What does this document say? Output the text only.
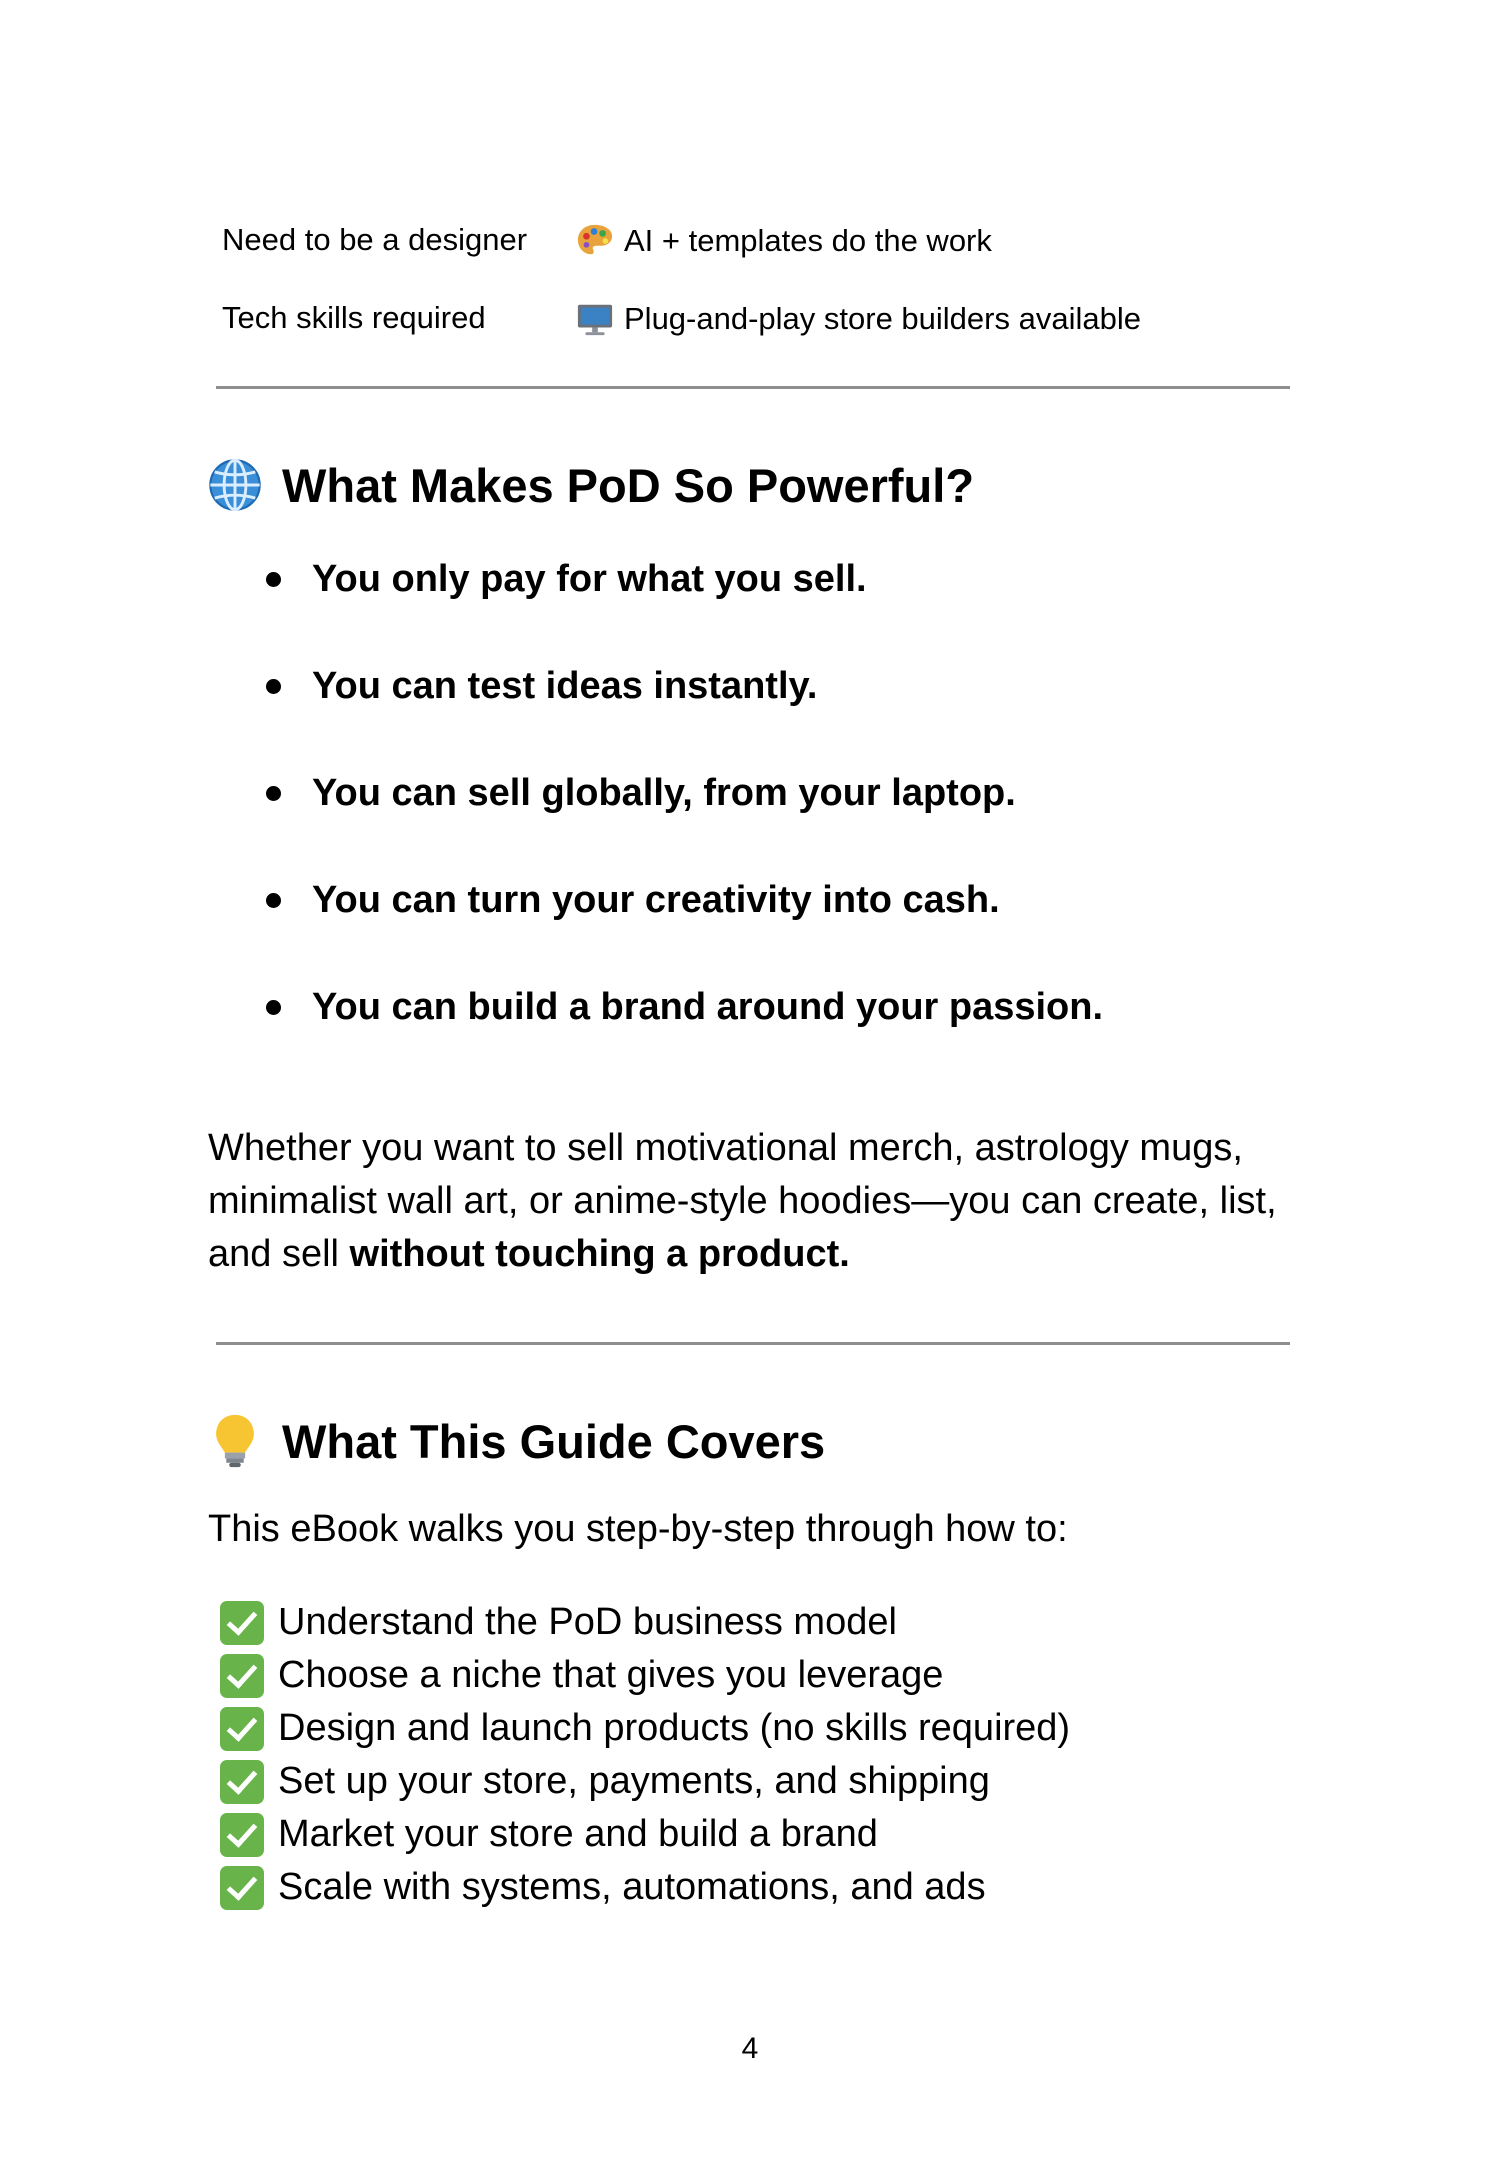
Need to be a designer	AI + templates do the work
Tech skills required	Plug-and-play store builders available
What Makes PoD So Powerful?
You only pay for what you sell.
You can test ideas instantly.
You can sell globally, from your laptop.
You can turn your creativity into cash.
You can build a brand around your passion.

Whether you want to sell motivational merch, astrology mugs, minimalist wall art, or anime-style hoodies—you can create, list, and sell without touching a product.

What This Guide Covers
This eBook walks you step-by-step through how to:
Understand the PoD business model
Choose a niche that gives you leverage
Design and launch products (no skills required)
Set up your store, payments, and shipping
Market your store and build a brand
Scale with systems, automations, and ads
4
